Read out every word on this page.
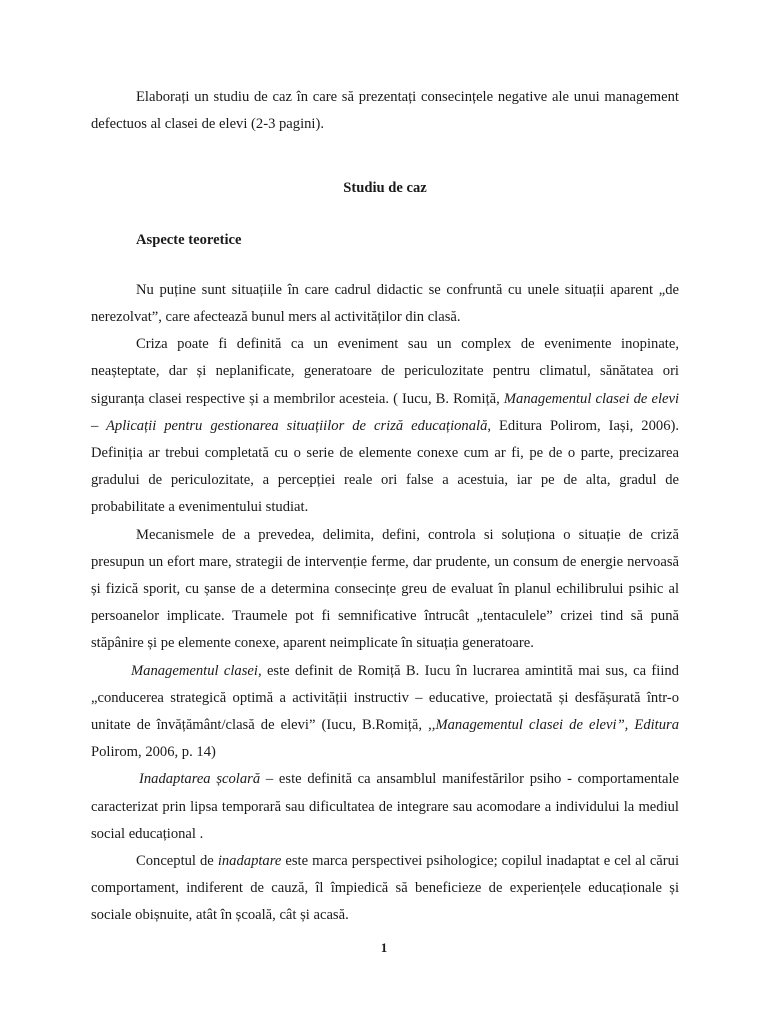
Elaborați un studiu de caz în care să prezentați consecințele negative ale unui management defectuos al clasei de elevi (2-3 pagini).

Studiu de caz

Aspecte teoretice

Nu puține sunt situațiile în care cadrul didactic se confruntă cu unele situații aparent „de nerezolvat”, care afectează bunul mers al activităților din clasă.

Criza poate fi definită ca un eveniment sau un complex de evenimente inopinate, neașteptate, dar și neplanificate, generatoare de periculozitate pentru climatul, sănătatea ori siguranța clasei respective și a membrilor acesteia. ( Iucu, B. Romiță, Managementul clasei de elevi – Aplicații pentru gestionarea situațiilor de criză educațională, Editura Polirom, Iași, 2006). Definiția ar trebui completată cu o serie de elemente conexe cum ar fi, pe de o parte, precizarea gradului de periculozitate, a percepției reale ori false a acestuia, iar pe de alta, gradul de probabilitate a evenimentului studiat.

Mecanismele de a prevedea, delimita, defini, controla si soluționa o situație de criză presupun un efort mare, strategii de intervenție ferme, dar prudente, un consum de energie nervoasă și fizică sporit, cu șanse de a determina consecințe greu de evaluat în planul echilibrului psihic al persoanelor implicate. Traumele pot fi semnificative întrucât „tentaculele” crizei tind să pună stăpânire și pe elemente conexe, aparent neimplicate în situația generatoare.

Managementul clasei, este definit de Romiță B. Iucu în lucrarea amintită mai sus, ca fiind „conducerea strategică optimă a activității instructiv – educative, proiectată și desfășurată într-o unitate de învățământ/clasă de elevi” (Iucu, B.Romiță, ,,Managementul clasei de elevi”, Editura Polirom, 2006, p. 14)

Inadaptarea școlară – este definită ca ansamblul manifestărilor psiho - comportamentale caracterizat prin lipsa temporară sau dificultatea de integrare sau acomodare a individului la mediul social educațional .

Conceptul de inadaptare este marca perspectivei psihologice; copilul inadaptat e cel al cărui comportament, indiferent de cauză, îl împiedică să beneficieze de experiențele educaționale și sociale obișnuite, atât în școală, cât și acasă.

1
